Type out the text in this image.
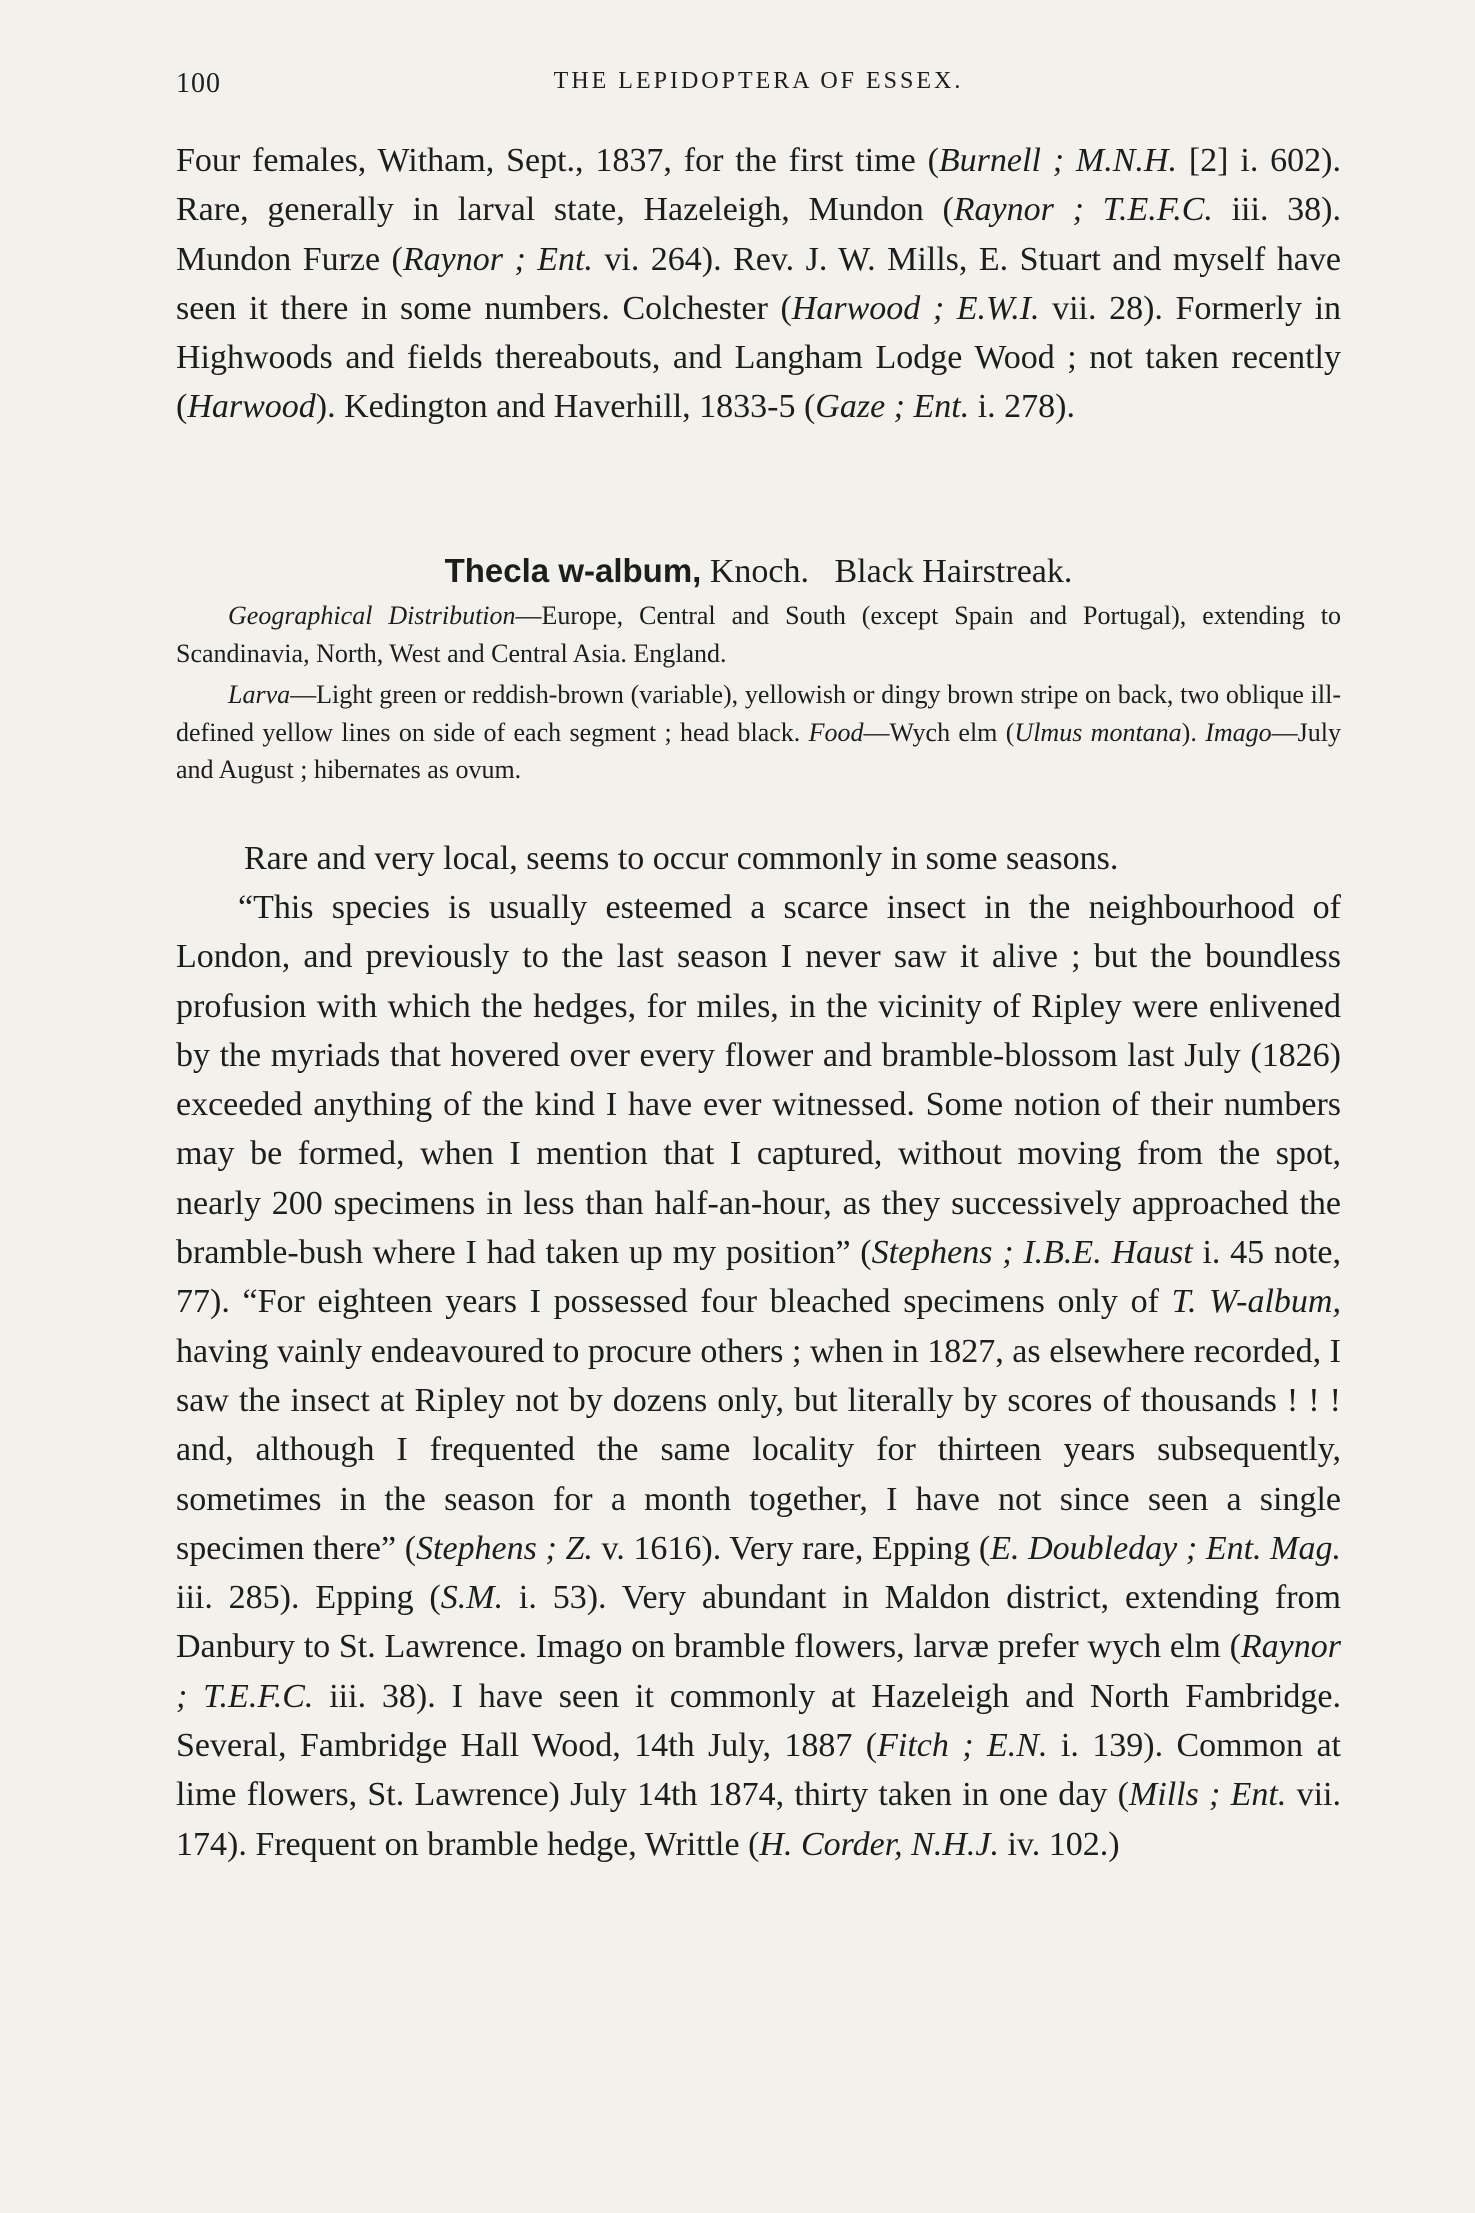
100	THE LEPIDOPTERA OF ESSEX.

Four females, Witham, Sept., 1837, for the first time (Burnell ; M.N.H. [2] i. 602). Rare, generally in larval state, Hazeleigh, Mundon (Raynor ; T.E.F.C. iii. 38). Mundon Furze (Raynor ; Ent. vi. 264). Rev. J. W. Mills, E. Stuart and myself have seen it there in some numbers. Colchester (Harwood ; E.W.I. vii. 28). Formerly in Highwoods and fields thereabouts, and Langham Lodge Wood ; not taken recently (Harwood). Kedington and Haverhill, 1833-5 (Gaze ; Ent. i. 278).

Thecla w-album, Knoch. Black Hairstreak.

Geographical Distribution—Europe, Central and South (except Spain and Portugal), extending to Scandinavia, North, West and Central Asia. England.

Larva—Light green or reddish-brown (variable), yellowish or dingy brown stripe on back, two oblique ill-defined yellow lines on side of each segment ; head black. Food—Wych elm (Ulmus montana). Imago—July and August ; hibernates as ovum.

Rare and very local, seems to occur commonly in some seasons.

“This species is usually esteemed a scarce insect in the neighbourhood of London, and previously to the last season I never saw it alive ; but the boundless profusion with which the hedges, for miles, in the vicinity of Ripley were enlivened by the myriads that hovered over every flower and bramble-blossom last July (1826) exceeded anything of the kind I have ever witnessed. Some notion of their numbers may be formed, when I mention that I captured, without moving from the spot, nearly 200 specimens in less than half-an-hour, as they successively approached the bramble-bush where I had taken up my position” (Stephens ; I.B.E. Haust i. 45 note, 77). “For eighteen years I possessed four bleached specimens only of T. W-album, having vainly endeavoured to procure others ; when in 1827, as elsewhere recorded, I saw the insect at Ripley not by dozens only, but literally by scores of thousands ! ! ! and, although I frequented the same locality for thirteen years subsequently, sometimes in the season for a month together, I have not since seen a single specimen there” (Stephens ; Z. v. 1616). Very rare, Epping (E. Doubleday ; Ent. Mag. iii. 285). Epping (S.M. i. 53). Very abundant in Maldon district, extending from Danbury to St. Lawrence. Imago on bramble flowers, larvæ prefer wych elm (Raynor ; T.E.F.C. iii. 38). I have seen it commonly at Hazeleigh and North Fambridge. Several, Fambridge Hall Wood, 14th July, 1887 (Fitch ; E.N. i. 139). Common at lime flowers, St. Lawrence) July 14th 1874, thirty taken in one day (Mills ; Ent. vii. 174). Frequent on bramble hedge, Writtle (H. Corder, N.H.J. iv. 102.)
